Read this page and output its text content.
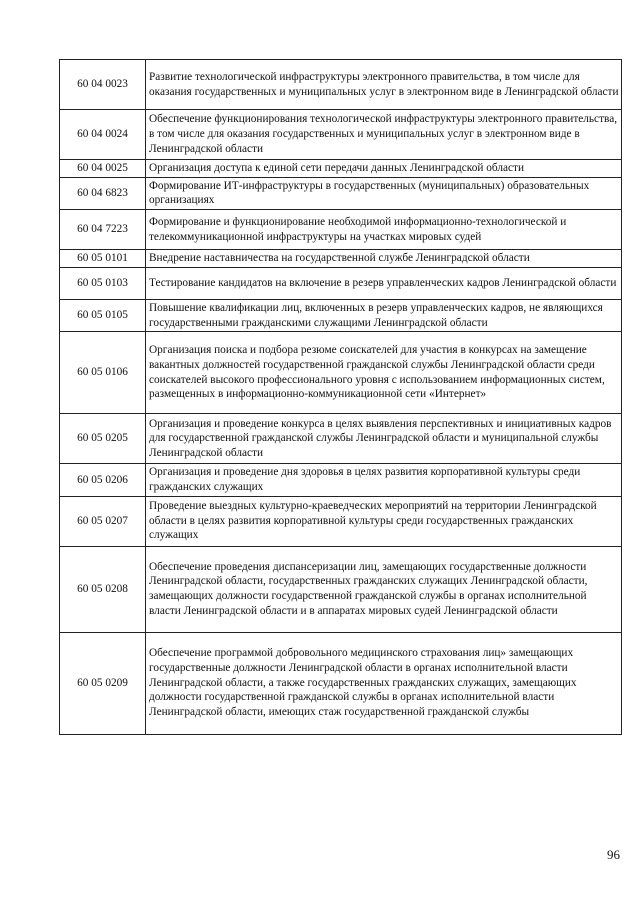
60 04 0023	Развитие технологической инфраструктуры электронного правительства, в том числе для оказания государственных и муниципальных услуг в электронном виде в Ленинградской области
60 04 0024	Обеспечение функционирования технологической инфраструктуры электронного правительства, в том числе для оказания государственных и муниципальных услуг в электронном виде в Ленинградской области
60 04 0025	Организация доступа к единой сети передачи данных Ленинградской области
60 04 6823	Формирование ИТ-инфраструктуры в государственных (муниципальных) образовательных организациях
60 04 7223	Формирование и функционирование необходимой информационно-технологической и телекоммуникационной инфраструктуры на участках мировых судей
60 05 0101	Внедрение наставничества на государственной службе Ленинградской области
60 05 0103	Тестирование кандидатов на включение в резерв управленческих кадров Ленинградской области
60 05 0105	Повышение квалификации лиц, включенных в резерв управленческих кадров, не являющихся государственными гражданскими служащими Ленинградской области
60 05 0106	Организация поиска и подбора резюме соискателей для участия в конкурсах на замещение вакантных должностей государственной гражданской службы Ленинградской области среди соискателей высокого профессионального уровня с использованием информационных систем, размещенных в информационно-коммуникационной сети «Интернет»
60 05 0205	Организация и проведение конкурса в целях выявления перспективных и инициативных кадров для государственной гражданской службы Ленинградской области и муниципальной службы Ленинградской области
60 05 0206	Организация и проведение дня здоровья в целях развития корпоративной культуры среди гражданских служащих
60 05 0207	Проведение выездных культурно-краеведческих мероприятий на территории Ленинградской области в целях развития корпоративной культуры среди государственных гражданских служащих
60 05 0208	Обеспечение проведения диспансеризации лиц, замещающих государственные должности Ленинградской области, государственных гражданских служащих Ленинградской области, замещающих должности государственной гражданской службы в органах исполнительной власти Ленинградской области и в аппаратах мировых судей Ленинградской области
60 05 0209	Обеспечение программой добровольного медицинского страхования лиц» замещающих государственные должности Ленинградской области в органах исполнительной власти Ленинградской области, а также государственных гражданских служащих, замещающих должности государственной гражданской службы в органах исполнительной власти Ленинградской области, имеющих стаж государственной гражданской службы
96
